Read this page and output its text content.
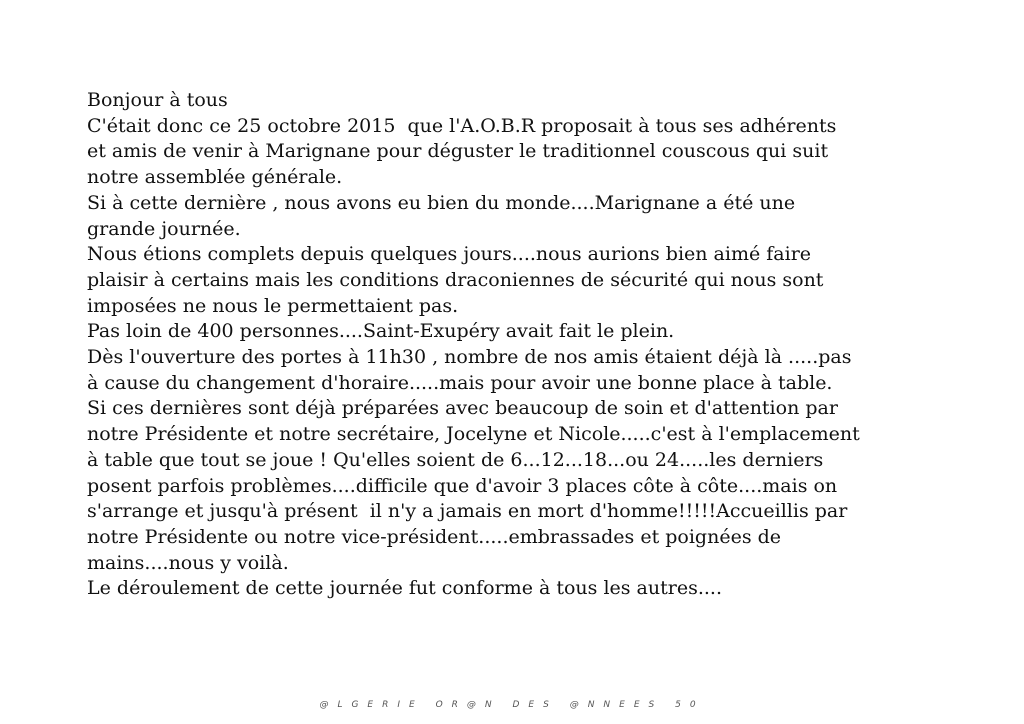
Bonjour à tous
C'était donc ce 25 octobre 2015  que l'A.O.B.R proposait à tous ses adhérents
et amis de venir à Marignane pour déguster le traditionnel couscous qui suit
notre assemblée générale.
Si à cette dernière , nous avons eu bien du monde....Marignane a été une
grande journée.
Nous étions complets depuis quelques jours....nous aurions bien aimé faire
plaisir à certains mais les conditions draconiennes de sécurité qui nous sont
imposées ne nous le permettaient pas.
Pas loin de 400 personnes....Saint-Exupéry avait fait le plein.
Dès l'ouverture des portes à 11h30 , nombre de nos amis étaient déjà là .....pas
à cause du changement d'horaire.....mais pour avoir une bonne place à table.
Si ces dernières sont déjà préparées avec beaucoup de soin et d'attention par
notre Présidente et notre secrétaire, Jocelyne et Nicole.....c'est à l'emplacement
à table que tout se joue ! Qu'elles soient de 6...12...18...ou 24.....les derniers
posent parfois problèmes....difficile que d'avoir 3 places côte à côte....mais on
s'arrange et jusqu'à présent  il n'y a jamais en mort d'homme!!!!!Accueillis par
notre Présidente ou notre vice-président.....embrassades et poignées de
mains....nous y voilà.
Le déroulement de cette journée fut conforme à tous les autres....
@LGERIE OR@N DES @NNEES 50
